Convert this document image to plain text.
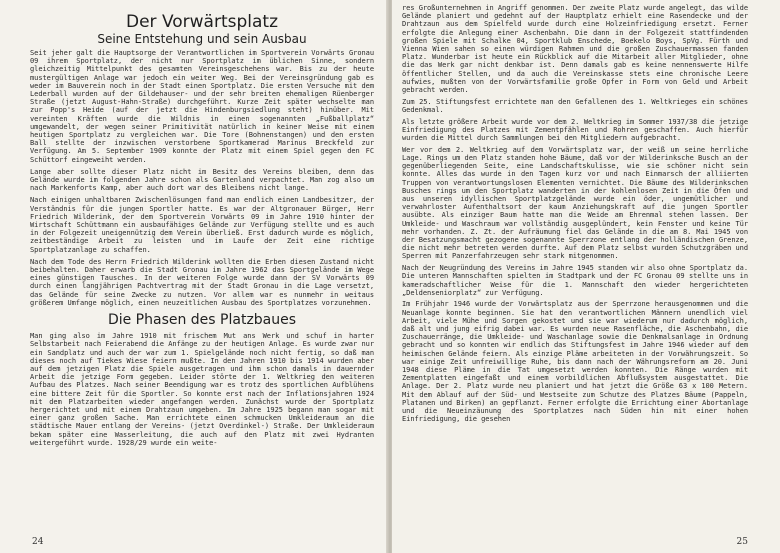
Der Vorwärtsplatz
Seine Entstehung und sein Ausbau

Seit jeher galt die Hauptsorge der Verantwortlichen im Sportverein Vorwärts Gronau 09 ihrem Sportplatz, der nicht nur Sportplatz im üblichen Sinne, sondern gleichzeitig Mittelpunkt des gesamten Vereinsgeschehens war. Bis zu der heute mustergültigen Anlage war jedoch ein weiter Weg. Bei der Vereinsgründung gab es weder im Bauverein noch in der Stadt einen Sportplatz. Die ersten Versuche mit dem Lederball wurden auf der Gildehauser- und der sehr breiten ehemaligen Rüenberger Straße (jetzt August-Hahn-Straße) durchgeführt. Kurze Zeit später wechselte man zur Popp's Heide (auf der jetzt die Hindenburgsiedlung steht) hinüber. Mit vereinten Kräften wurde die Wildnis in einen sogenannten „Fußballplatz“ umgewandelt, der wegen seiner Primitivität natürlich in keiner Weise mit einem heutigen Sportplatz zu vergleichen war. Die Tore (Bohnenstangen) und den ersten Ball stellte der inzwischen verstorbene Sportkamerad Marinus Breckfeld zur Verfügung. Am 5. September 1909 konnte der Platz mit einem Spiel gegen den FC Schüttorf eingeweiht werden.

Lange aber sollte dieser Platz nicht im Besitz des Vereins bleiben, denn das Gelände wurde im folgenden Jahre schon als Gartenland verpachtet. Man zog also um nach Markenforts Kamp, aber auch dort war des Bleibens nicht lange.

Nach einigen unhaltbaren Zwischenlösungen fand man endlich einen Landbesitzer, der Verständnis für die jungen Sportler hatte. Es war der Altgronauer Bürger, Herr Friedrich Wilderink, der dem Sportverein Vorwärts 09 im Jahre 1910 hinter der Wirtschaft Schüttmann ein ausbaufähiges Gelände zur Verfügung stellte und es auch in der Folgezeit uneigennützig dem Verein überließ. Erst dadurch wurde es möglich, zeitbeständige Arbeit zu leisten und im Laufe der Zeit eine richtige Sportplatzanlage zu schaffen.

Nach dem Tode des Herrn Friedrich Wilderink wollten die Erben diesen Zustand nicht beibehalten. Daher erwarb die Stadt Gronau im Jahre 1962 das Sportgelände im Wege eines günstigen Tausches. In der weiteren Folge wurde dann der SV Vorwärts 09 durch einen langjährigen Pachtvertrag mit der Stadt Gronau in die Lage versetzt, das Gelände für seine Zwecke zu nutzen. Vor allem war es nunmehr in weitaus größerem Umfange möglich, einen neuzeitlichen Ausbau des Sportplatzes vorzunehmen.

Die Phasen des Platzbaues

Man ging also im Jahre 1910 mit frischem Mut ans Werk und schuf in harter Selbstarbeit nach Feierabend die Anfänge zu der heutigen Anlage. Es wurde zwar nur ein Sandplatz und auch der war zum 1. Spielgelände noch nicht fertig, so daß man dieses noch auf Tiekes Wiese feiern mußte. In den Jahren 1910 bis 1914 wurden aber auf dem jetzigen Platz die Spiele ausgetragen und ihm schon damals in dauernder Arbeit die jetzige Form gegeben. Leider störte der 1. Weltkrieg den weiteren Aufbau des Platzes. Nach seiner Beendigung war es trotz des sportlichen Aufblühens eine bittere Zeit für die Sportler. So konnte erst nach der Inflationsjahren 1924 mit dem Platzarbeiten wieder angefangen werden. Zunächst wurde der Sportplatz hergerichtet und mit einem Drahtzaun umgeben. Im Jahre 1925 begann man sogar mit einer ganz großen Sache. Man errichtete einen schmucken Umkleideraum an die städtische Mauer entlang der Vereins- (jetzt Overdinkel-) Straße. Der Umkleideraum bekam später eine Wasserleitung, die auch auf den Platz mit zwei Hydranten weitergeführt wurde. 1928/29 wurde ein weite-

24

res Großunternehmen in Angriff genommen. Der zweite Platz wurde angelegt, das wilde Gelände planiert und gedehnt auf der Hauptplatz erhielt eine Rasendecke und der Drahtzaun aus dem Spielfeld wurde durch eine Holzeinfriedigung ersetzt. Ferner erfolgte die Anlegung einer Aschenbahn. Die dann in der Folgezeit stattfindenden großen Spiele mit Schalke 04, Sportklub Enschede, Boekelo Boys, SpVg. Fürth und Vienna Wien sahen so einen würdigen Rahmen und die großen Zuschauermassen fanden Platz. Wunderbar ist heute ein Rückblick auf die Mitarbeit aller Mitglieder, ohne die das Werk gar nicht denkbar ist. Denn damals gab es keine nennenswerte Hilfe öffentlicher Stellen, und da auch die Vereinskasse stets eine chronische Leere aufwies, mußten von der Vorwärtsfamilie große Opfer in Form von Geld und Arbeit gebracht werden.

Zum 25. Stiftungsfest errichtete man den Gefallenen des 1. Weltkrieges ein schönes Gedenkmal.

Als letzte größere Arbeit wurde vor dem 2. Weltkrieg im Sommer 1937/38 die jetzige Einfriedigung des Platzes mit Zementpfählen und Rohren geschaffen. Auch hierfür wurden die Mittel durch Sammlungen bei den Mitgliedern aufgebracht.

Wer vor dem 2. Weltkrieg auf dem Vorwärtsplatz war, der weiß um seine herrliche Lage. Rings um den Platz standen hohe Bäume, daß vor der Wilderinksche Busch an der gegenüberliegenden Seite, eine Landschaftskulisse, wie sie schöner nicht sein konnte. Alles das wurde in den Tagen kurz vor und nach Einmarsch der alliierten Truppen von verantwortungslosen Elementen vernichtet. Die Bäume des Wilderinkschen Busches rings um den Sportplatz wanderten in der kohlenlosen Zeit in die Öfen und aus unseren idyllischen Sportplatzgelände wurde ein öder, ungemütlicher und verwahrloster Aufenthaltsort der kaum Anziehungskraft auf die jungen Sportler ausübte. Als einziger Baum hatte man die Weide am Ehrenmal stehen lassen. Der Umkleide- und Waschraum war vollständig ausgeplündert, kein Fenster und keine Tür mehr vorhanden. Z. Zt. der Aufräumung fiel das Gelände in die am 8. Mai 1945 von der Besatzungsmacht gezogene sogenannte Sperrzone entlang der holländischen Grenze, die nicht mehr betreten werden durfte. Auf dem Platz selbst wurden Schutzgräben und Sperren mit Panzerfahrzeugen sehr stark mitgenommen.

Nach der Neugründung des Vereins im Jahre 1945 standen wir also ohne Sportplatz da. Die unteren Mannschaften spielten im Stadtpark und der FC Gronau 09 stellte uns in kameradschaftlicher Weise für die 1. Mannschaft den wieder hergerichteten „Deldenseniorplatz“ zur Verfügung.

Im Frühjahr 1946 wurde der Vorwärtsplatz aus der Sperrzone herausgenommen und die Neuanlage konnte beginnen. Sie hat den verantwortlichen Männern unendlich viel Arbeit, viele Mühe und Sorgen gekostet und sie war wiederum nur dadurch möglich, daß alt und jung eifrig dabei war. Es wurden neue Rasenfläche, die Aschenbahn, die Zuschauerränge, die Umkleide- und Waschanlage sowie die Denkmalsanlage in Ordnung gebracht und so konnten wir endlich das Stiftungsfest im Jahre 1946 wieder auf dem heimischen Gelände feiern. Als einzige Pläme arbeiteten in der Vorwährungszeit. So war einige Zeit unfreiwillige Ruhe, bis dann nach der Währungsreform am 20. Juni 1948 diese Pläme in die Tat umgesetzt werden konnten. Die Ränge wurden mit Zementplatten eingefaßt und einem vorbildlichen Abflußsystem ausgestattet. Die Anlage. Der 2. Platz wurde neu planiert und hat jetzt die Größe 63 x 100 Metern. Mit dem Ablauf auf der Süd- und Westseite zum Schutze des Platzes Bäume (Pappeln, Platanen und Birken) an gepflanzt. Ferner erfolgte die Errichtung einer Abortanlage und die Neueinzäunung des Sportplatzes nach Süden hin mit einer hohen Einfriedigung, die gesehen

25
